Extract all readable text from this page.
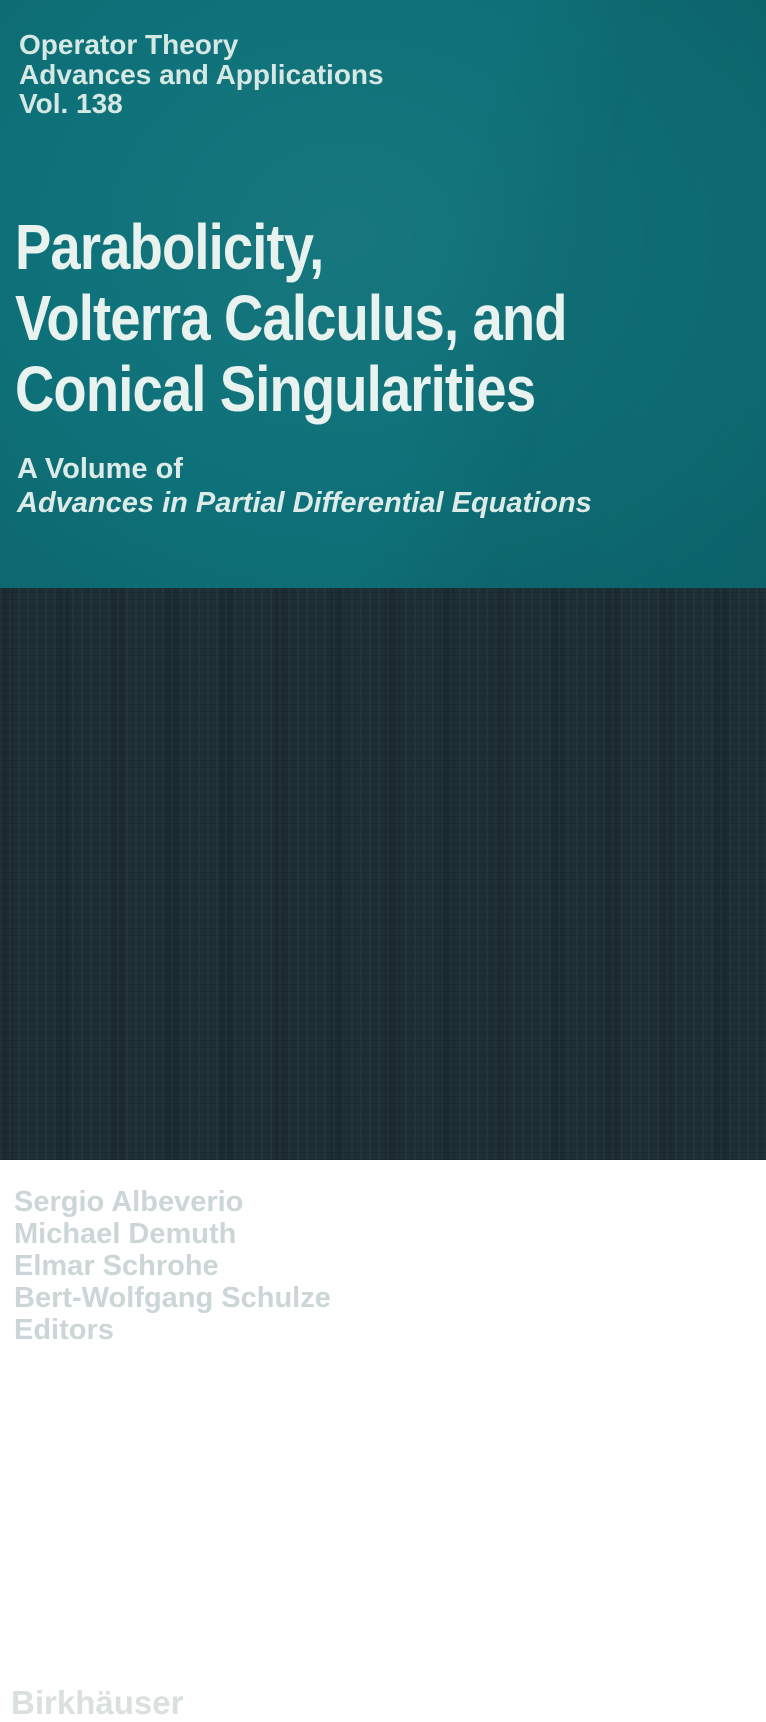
Operator Theory
Advances and Applications
Vol. 138
Parabolicity,
Volterra Calculus, and
Conical Singularities
A Volume of
Advances in Partial Differential Equations
Sergio Albeverio
Michael Demuth
Elmar Schrohe
Bert-Wolfgang Schulze
Editors
Birkhäuser
